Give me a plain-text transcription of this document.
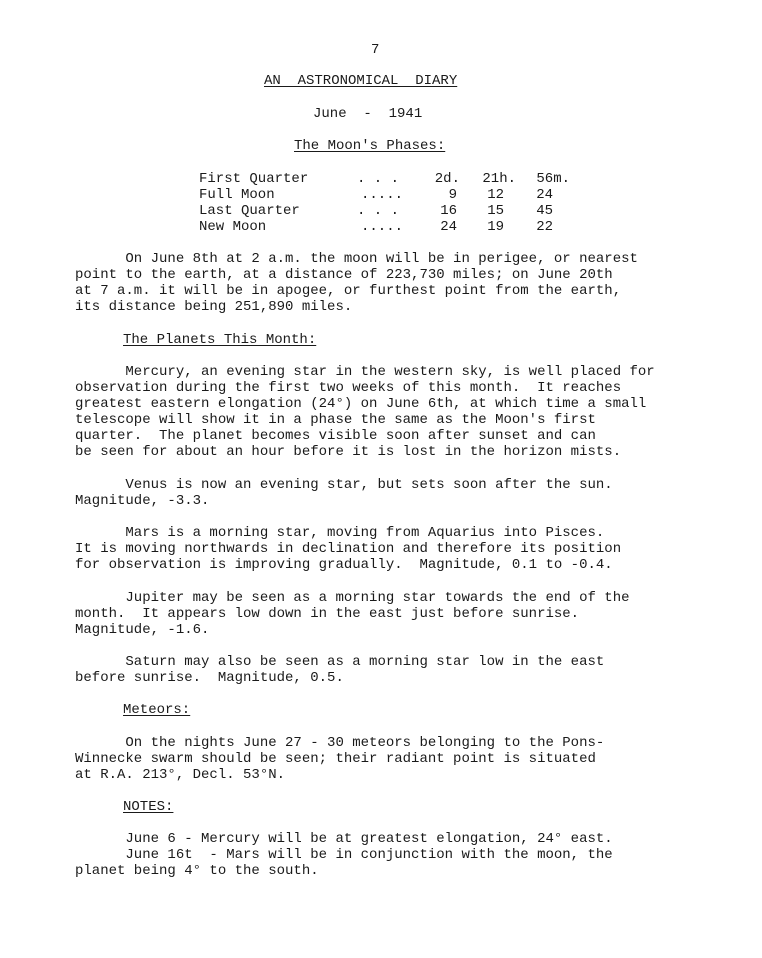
7
AN  ASTRONOMICAL  DIARY
June  -  1941
The Moon's Phases:
First Quarter	. . .	2d.	21h.	56m.
Full Moon	.....	9	12	24
Last Quarter	. . .	16	15	45
New Moon	.....	24	19	22
On June 8th at 2 a.m. the moon will be in perigee, or nearest
point to the earth, at a distance of 223,730 miles; on June 20th
at 7 a.m. it will be in apogee, or furthest point from the earth,
its distance being 251,890 miles.
The Planets This Month:
Mercury, an evening star in the western sky, is well placed for
observation during the first two weeks of this month.  It reaches
greatest eastern elongation (24°) on June 6th, at which time a small
telescope will show it in a phase the same as the Moon's first
quarter.  The planet becomes visible soon after sunset and can
be seen for about an hour before it is lost in the horizon mists.
Venus is now an evening star, but sets soon after the sun.
Magnitude, -3.3.
Mars is a morning star, moving from Aquarius into Pisces.
It is moving northwards in declination and therefore its position
for observation is improving gradually.  Magnitude, 0.1 to -0.4.
Jupiter may be seen as a morning star towards the end of the
month.  It appears low down in the east just before sunrise.
Magnitude, -1.6.
Saturn may also be seen as a morning star low in the east
before sunrise.  Magnitude, 0.5.
Meteors:
On the nights June 27 - 30 meteors belonging to the Pons-
Winnecke swarm should be seen; their radiant point is situated
at R.A. 213°, Decl. 53°N.
NOTES:
June 6 - Mercury will be at greatest elongation, 24° east.
June 16t  - Mars will be in conjunction with the moon, the
planet being 4° to the south.
